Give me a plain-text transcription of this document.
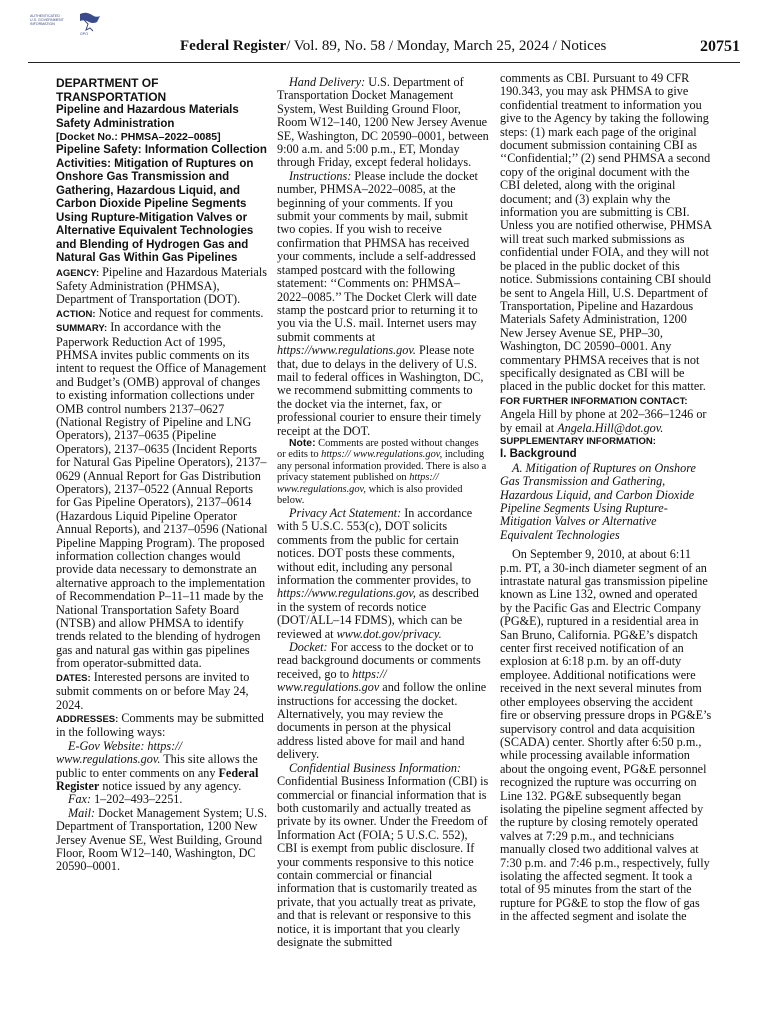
AUTHENTICATED
U.S. GOVERNMENT
INFORMATION
GPO
Federal Register/ Vol. 89, No. 58 / Monday, March 25, 2024 / Notices	20751

DEPARTMENT OF TRANSPORTATION

Pipeline and Hazardous Materials Safety Administration

[Docket No.: PHMSA–2022–0085]

Pipeline Safety: Information Collection Activities: Mitigation of Ruptures on Onshore Gas Transmission and Gathering, Hazardous Liquid, and Carbon Dioxide Pipeline Segments Using Rupture-Mitigation Valves or Alternative Equivalent Technologies and Blending of Hydrogen Gas and Natural Gas Within Gas Pipelines

AGENCY: Pipeline and Hazardous Materials Safety Administration (PHMSA), Department of Transportation (DOT).

ACTION: Notice and request for comments.

SUMMARY: In accordance with the Paperwork Reduction Act of 1995, PHMSA invites public comments on its intent to request the Office of Management and Budget’s (OMB) approval of changes to existing information collections under OMB control numbers 2137–0627 (National Registry of Pipeline and LNG Operators), 2137–0635 (Pipeline Operators), 2137–0635 (Incident Reports for Natural Gas Pipeline Operators), 2137–0629 (Annual Report for Gas Distribution Operators), 2137–0522 (Annual Reports for Gas Pipeline Operators), 2137–0614 (Hazardous Liquid Pipeline Operator Annual Reports), and 2137–0596 (National Pipeline Mapping Program). The proposed information collection changes would provide data necessary to demonstrate an alternative approach to the implementation of Recommendation P–11–11 made by the National Transportation Safety Board (NTSB) and allow PHMSA to identify trends related to the blending of hydrogen gas and natural gas within gas pipelines from operator-submitted data.

DATES: Interested persons are invited to submit comments on or before May 24, 2024.

ADDRESSES: Comments may be submitted in the following ways:

E-Gov Website: https:// www.regulations.gov. This site allows the public to enter comments on any Federal Register notice issued by any agency.

Fax: 1–202–493–2251.

Mail: Docket Management System; U.S. Department of Transportation, 1200 New Jersey Avenue SE, West Building, Ground Floor, Room W12–140, Washington, DC 20590–0001.

Hand Delivery: U.S. Department of Transportation Docket Management System, West Building Ground Floor, Room W12–140, 1200 New Jersey Avenue SE, Washington, DC 20590–0001, between 9:00 a.m. and 5:00 p.m., ET, Monday through Friday, except federal holidays.

Instructions: Please include the docket number, PHMSA–2022–0085, at the beginning of your comments. If you submit your comments by mail, submit two copies. If you wish to receive confirmation that PHMSA has received your comments, include a self-addressed stamped postcard with the following statement: ‘‘Comments on: PHMSA–2022–0085.’’ The Docket Clerk will date stamp the postcard prior to returning it to you via the U.S. mail. Internet users may submit comments at https://www.regulations.gov. Please note that, due to delays in the delivery of U.S. mail to federal offices in Washington, DC, we recommend submitting comments to the docket via the internet, fax, or professional courier to ensure their timely receipt at the DOT.

Note: Comments are posted without changes or edits to https:// www.regulations.gov, including any personal information provided. There is also a privacy statement published on https:// www.regulations.gov, which is also provided below.

Privacy Act Statement: In accordance with 5 U.S.C. 553(c), DOT solicits comments from the public for certain notices. DOT posts these comments, without edit, including any personal information the commenter provides, to https://www.regulations.gov, as described in the system of records notice (DOT/ALL–14 FDMS), which can be reviewed at www.dot.gov/privacy.

Docket: For access to the docket or to read background documents or comments received, go to https:// www.regulations.gov and follow the online instructions for accessing the docket. Alternatively, you may review the documents in person at the physical address listed above for mail and hand delivery.

Confidential Business Information: Confidential Business Information (CBI) is commercial or financial information that is both customarily and actually treated as private by its owner. Under the Freedom of Information Act (FOIA; 5 U.S.C. 552), CBI is exempt from public disclosure. If your comments responsive to this notice contain commercial or financial information that is customarily treated as private, that you actually treat as private, and that is relevant or responsive to this notice, it is important that you clearly designate the submitted

comments as CBI. Pursuant to 49 CFR 190.343, you may ask PHMSA to give confidential treatment to information you give to the Agency by taking the following steps: (1) mark each page of the original document submission containing CBI as ‘‘Confidential;’’ (2) send PHMSA a second copy of the original document with the CBI deleted, along with the original document; and (3) explain why the information you are submitting is CBI. Unless you are notified otherwise, PHMSA will treat such marked submissions as confidential under FOIA, and they will not be placed in the public docket of this notice. Submissions containing CBI should be sent to Angela Hill, U.S. Department of Transportation, Pipeline and Hazardous Materials Safety Administration, 1200 New Jersey Avenue SE, PHP–30, Washington, DC 20590–0001. Any commentary PHMSA receives that is not specifically designated as CBI will be placed in the public docket for this matter.

FOR FURTHER INFORMATION CONTACT:
Angela Hill by phone at 202–366–1246 or by email at Angela.Hill@dot.gov.

SUPPLEMENTARY INFORMATION:

I. Background

A. Mitigation of Ruptures on Onshore Gas Transmission and Gathering, Hazardous Liquid, and Carbon Dioxide Pipeline Segments Using Rupture-Mitigation Valves or Alternative Equivalent Technologies

On September 9, 2010, at about 6:11 p.m. PT, a 30-inch diameter segment of an intrastate natural gas transmission pipeline known as Line 132, owned and operated by the Pacific Gas and Electric Company (PG&E), ruptured in a residential area in San Bruno, California. PG&E’s dispatch center first received notification of an explosion at 6:18 p.m. by an off-duty employee. Additional notifications were received in the next several minutes from other employees observing the accident fire or observing pressure drops in PG&E’s supervisory control and data acquisition (SCADA) center. Shortly after 6:50 p.m., while processing available information about the ongoing event, PG&E personnel recognized the rupture was occurring on Line 132. PG&E subsequently began isolating the pipeline segment affected by the rupture by closing remotely operated valves at 7:29 p.m., and technicians manually closed two additional valves at 7:30 p.m. and 7:46 p.m., respectively, fully isolating the affected segment. It took a total of 95 minutes from the start of the rupture for PG&E to stop the flow of gas in the affected segment and isolate the
